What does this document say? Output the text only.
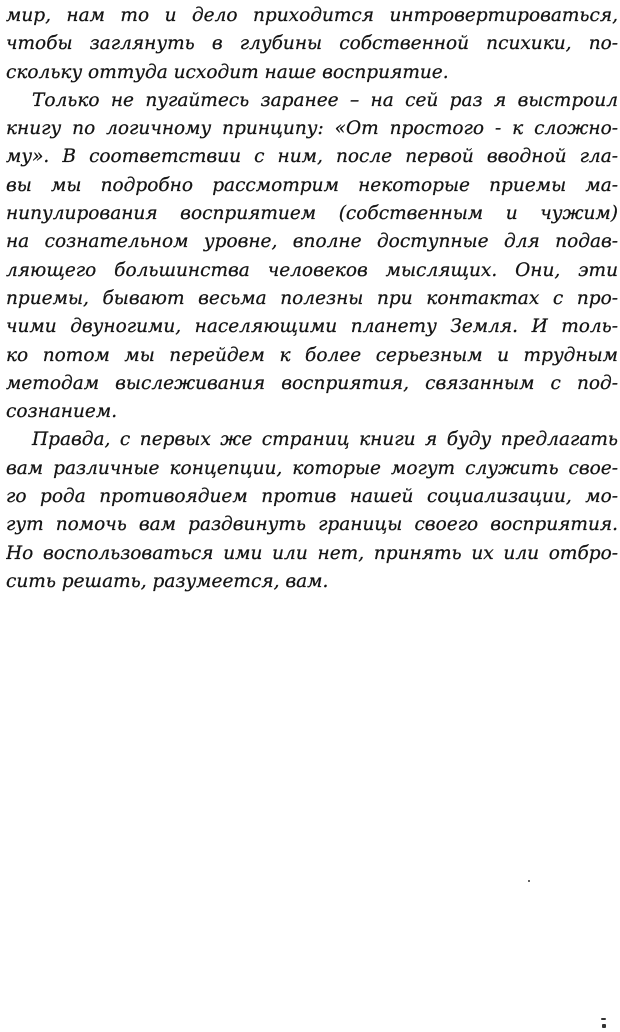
мир, нам то и дело приходится интровертироваться,
чтобы заглянуть в глубины собственной психики, по-
скольку оттуда исходит наше восприятие.
Только не пугайтесь заранее – на сей раз я выстроил
книгу по логичному принципу: «От простого - к сложно-
му». В соответствии с ним, после первой вводной гла-
вы мы подробно рассмотрим некоторые приемы ма-
нипулирования восприятием (собственным и чужим)
на сознательном уровне, вполне доступные для подав-
ляющего большинства человеков мыслящих. Они, эти
приемы, бывают весьма полезны при контактах с про-
чими двуногими, населяющими планету Земля. И толь-
ко потом мы перейдем к более серьезным и трудным
методам выслеживания восприятия, связанным с под-
сознанием.
Правда, с первых же страниц книги я буду предлагать
вам различные концепции, которые могут служить свое-
го рода противоядием против нашей социализации, мо-
гут помочь вам раздвинуть границы своего восприятия.
Но воспользоваться ими или нет, принять их или отбро-
сить решать, разумеется, вам.
